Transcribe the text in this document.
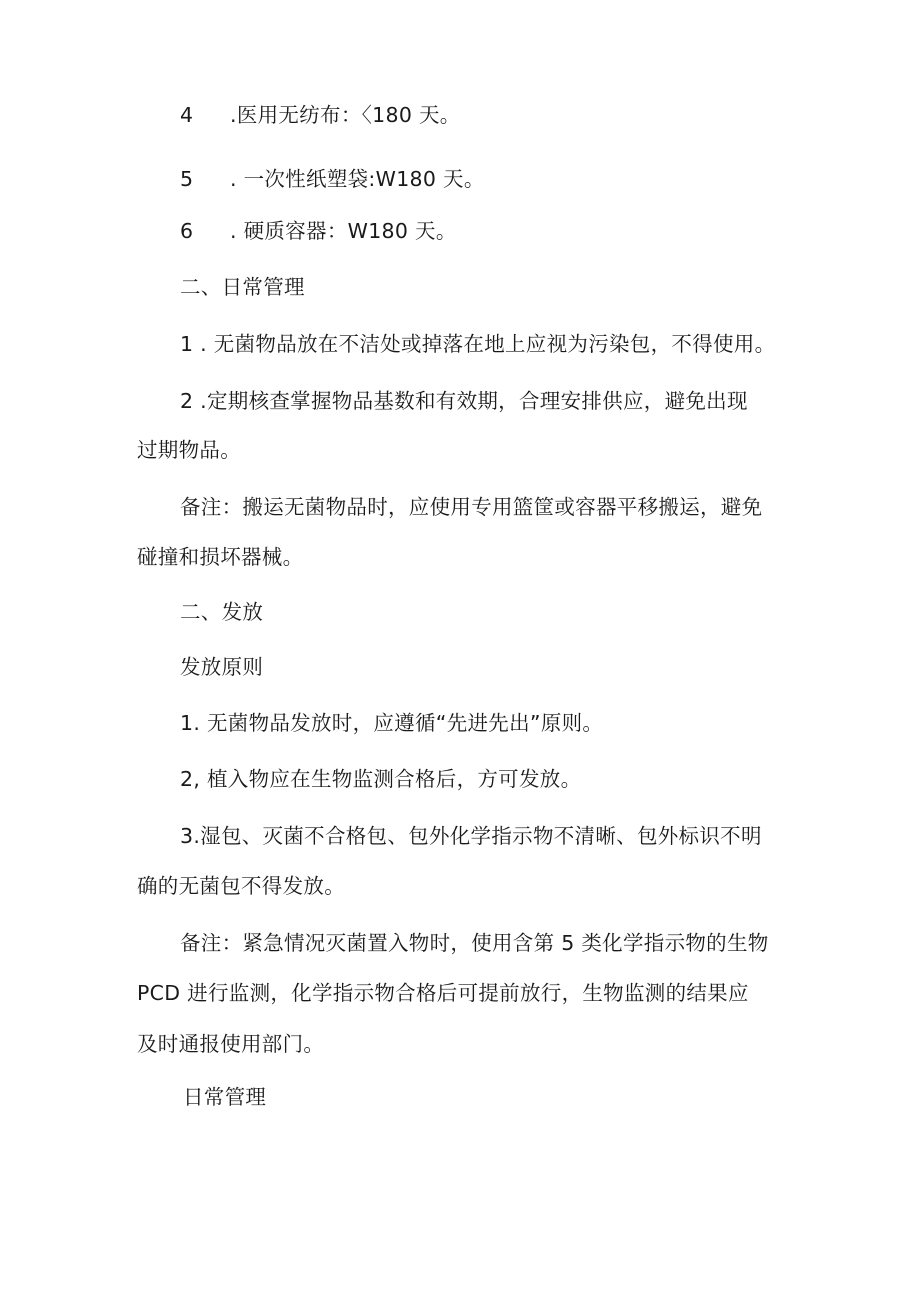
4 .医用无纺布：〈180 天。
5 . 一次性纸塑袋:W180 天。
6 . 硬质容器：W180 天。
二、日常管理
1 . 无菌物品放在不洁处或掉落在地上应视为污染包，不得使用。
2 .定期核查掌握物品基数和有效期，合理安排供应，避免出现
过期物品。
备注：搬运无菌物品时，应使用专用篮筐或容器平移搬运，避免
碰撞和损坏器械。
二、发放
发放原则
1. 无菌物品发放时，应遵循“先进先出”原则。
2, 植入物应在生物监测合格后，方可发放。
3.湿包、灭菌不合格包、包外化学指示物不清晰、包外标识不明
确的无菌包不得发放。
备注：紧急情况灭菌置入物时，使用含第 5 类化学指示物的生物
PCD 进行监测，化学指示物合格后可提前放行，生物监测的结果应
及时通报使用部门。
日常管理
